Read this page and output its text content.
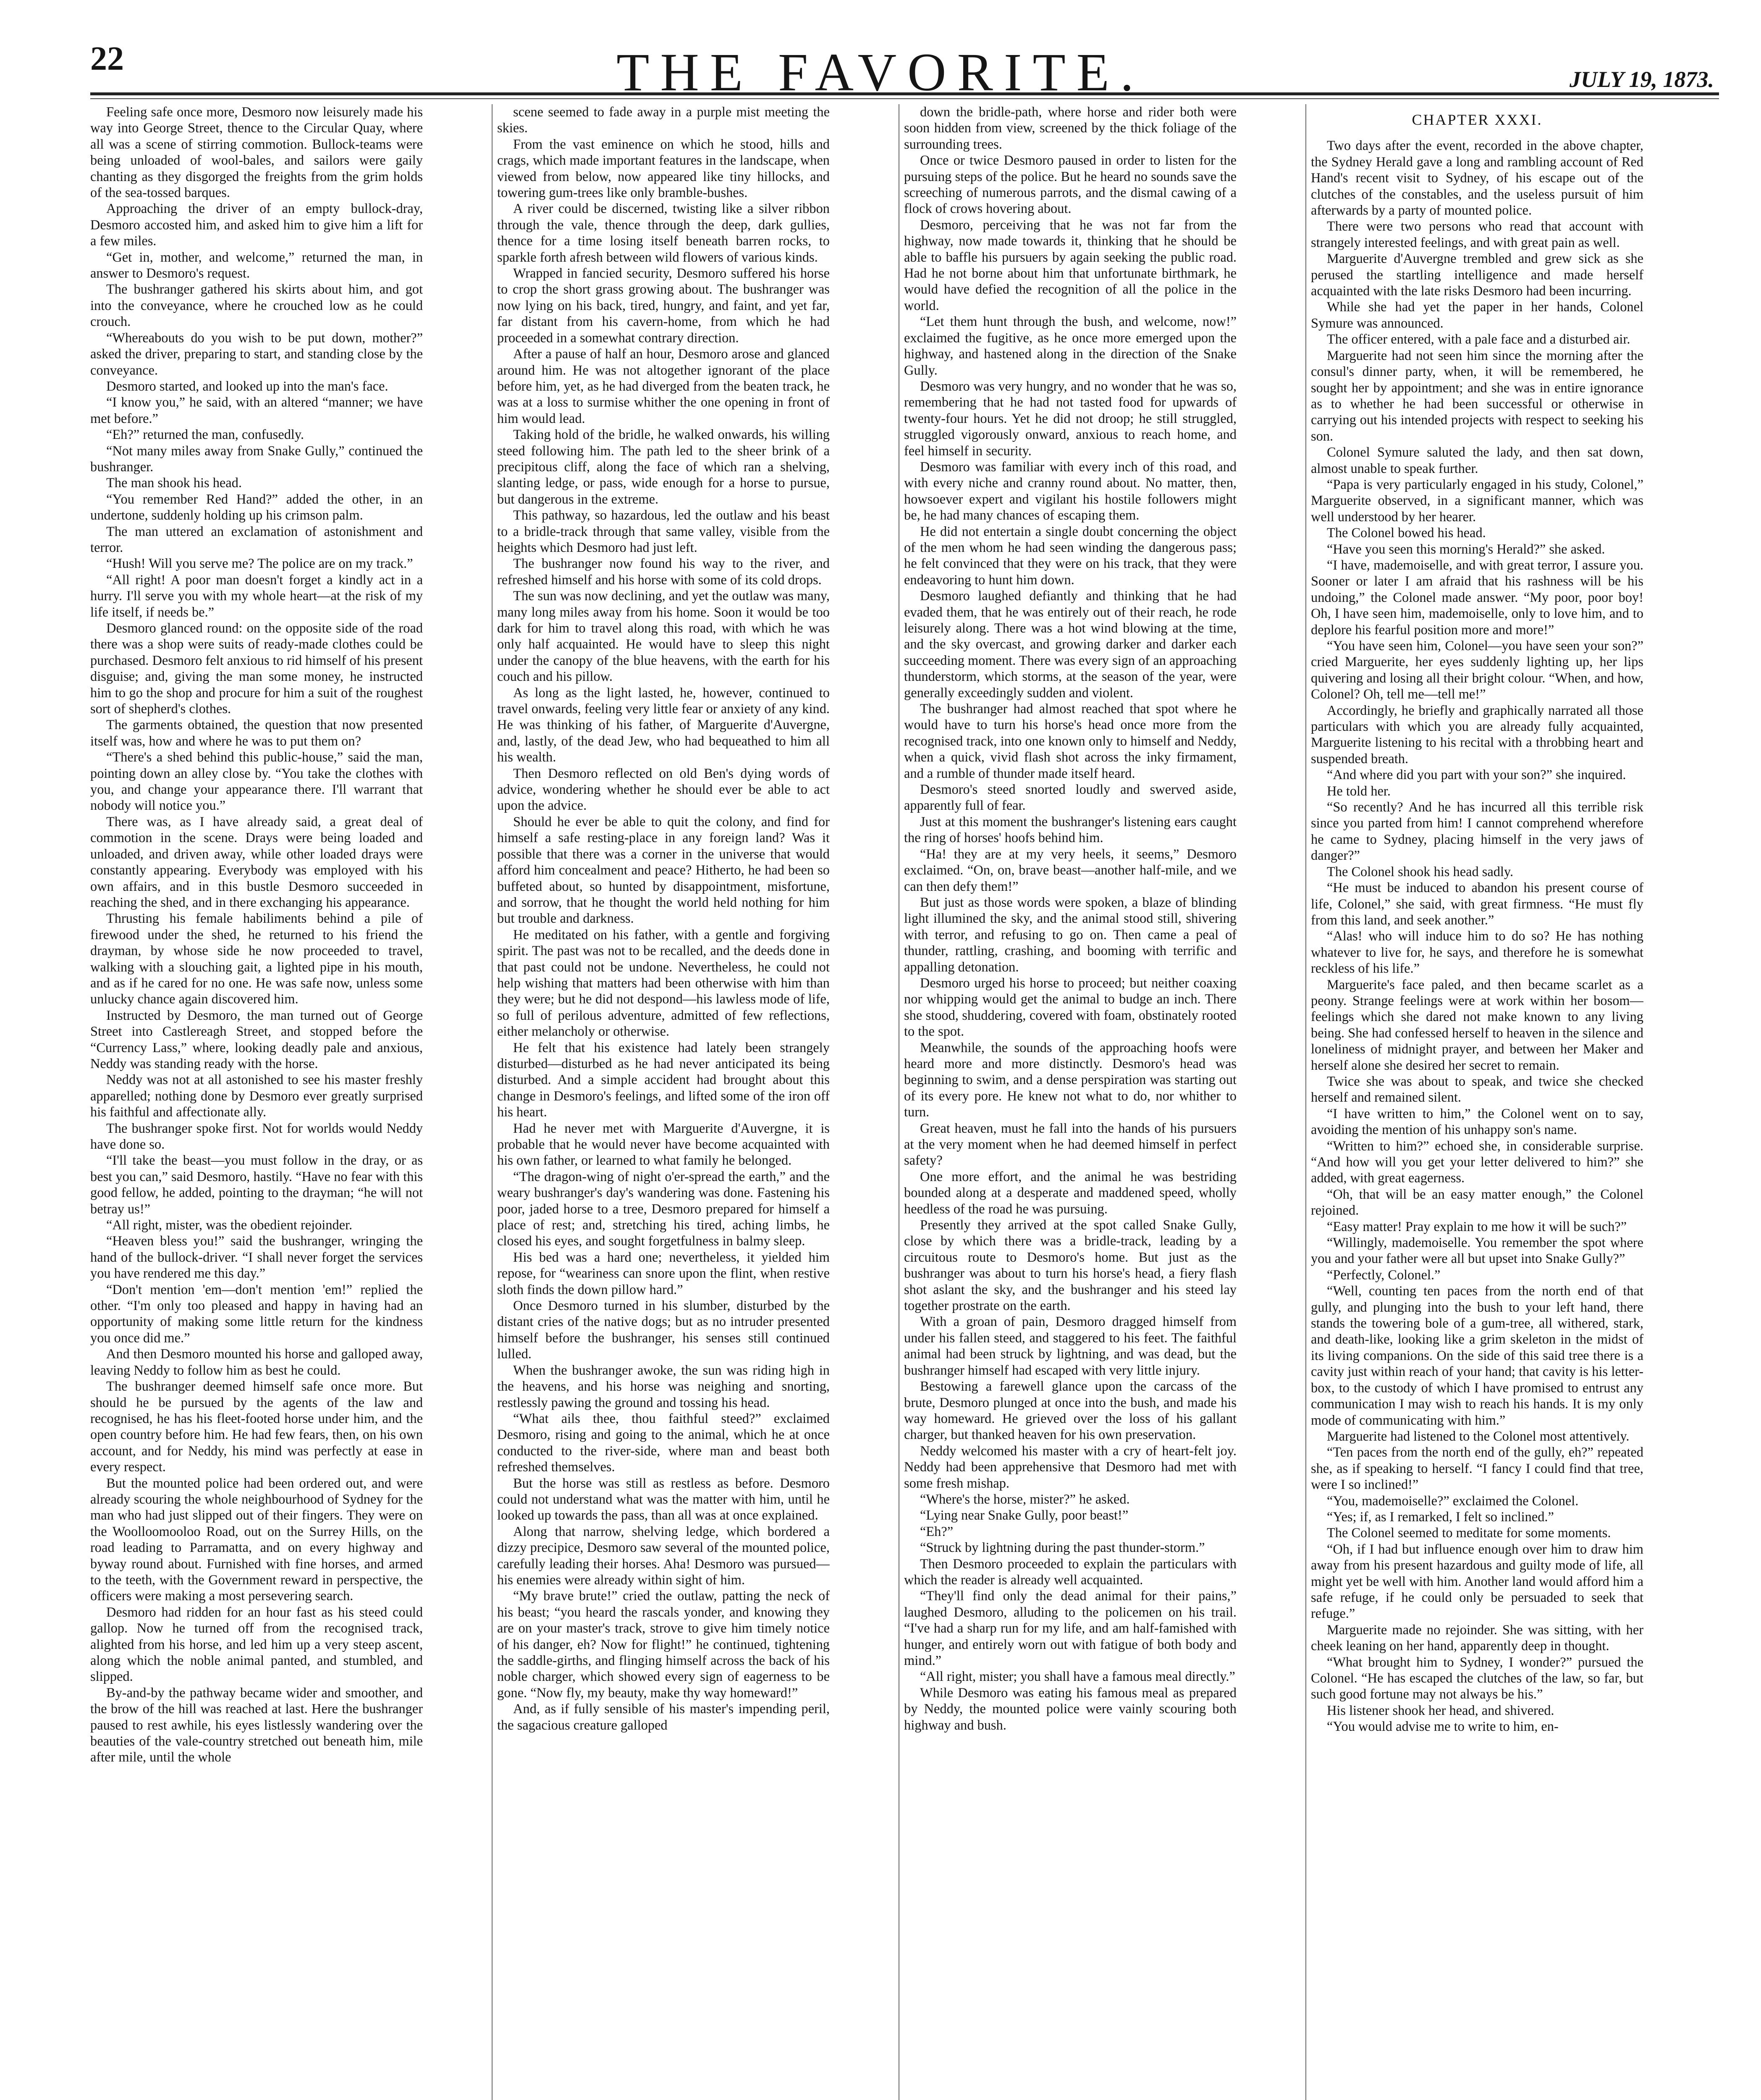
22	THE FAVORITE.	JULY 19, 1873.

Feeling safe once more, Desmoro now leisurely made his way into George Street, thence to the Circular Quay, where all was a scene of stirring commotion. Bullock-teams were being unloaded of wool-bales, and sailors were gaily chanting as they disgorged the freights from the grim holds of the sea-tossed barques.

Approaching the driver of an empty bullock-dray, Desmoro accosted him, and asked him to give him a lift for a few miles.

“Get in, mother, and welcome,” returned the man, in answer to Desmoro's request.

The bushranger gathered his skirts about him, and got into the conveyance, where he crouched low as he could crouch.

“Whereabouts do you wish to be put down, mother?” asked the driver, preparing to start, and standing close by the conveyance.

Desmoro started, and looked up into the man's face.

“I know you,” he said, with an altered “manner; we have met before.”

“Eh?” returned the man, confusedly.

“Not many miles away from Snake Gully,” continued the bushranger.

The man shook his head.

“You remember Red Hand?” added the other, in an undertone, suddenly holding up his crimson palm.

The man uttered an exclamation of astonishment and terror.

“Hush! Will you serve me? The police are on my track.”

“All right! A poor man doesn't forget a kindly act in a hurry. I'll serve you with my whole heart—at the risk of my life itself, if needs be.”

Desmoro glanced round: on the opposite side of the road there was a shop were suits of ready-made clothes could be purchased. Desmoro felt anxious to rid himself of his present disguise; and, giving the man some money, he instructed him to go the shop and procure for him a suit of the roughest sort of shepherd's clothes.

The garments obtained, the question that now presented itself was, how and where he was to put them on?

“There's a shed behind this public-house,” said the man, pointing down an alley close by. “You take the clothes with you, and change your appearance there. I'll warrant that nobody will notice you.”

There was, as I have already said, a great deal of commotion in the scene. Drays were being loaded and unloaded, and driven away, while other loaded drays were constantly appearing. Everybody was employed with his own affairs, and in this bustle Desmoro succeeded in reaching the shed, and in there exchanging his appearance.

Thrusting his female habiliments behind a pile of firewood under the shed, he returned to his friend the drayman, by whose side he now proceeded to travel, walking with a slouching gait, a lighted pipe in his mouth, and as if he cared for no one. He was safe now, unless some unlucky chance again discovered him.

Instructed by Desmoro, the man turned out of George Street into Castlereagh Street, and stopped before the “Currency Lass,” where, looking deadly pale and anxious, Neddy was standing ready with the horse.

Neddy was not at all astonished to see his master freshly apparelled; nothing done by Desmoro ever greatly surprised his faithful and affectionate ally.

The bushranger spoke first. Not for worlds would Neddy have done so.

“I'll take the beast—you must follow in the dray, or as best you can,” said Desmoro, hastily. “Have no fear with this good fellow, he added, pointing to the drayman; “he will not betray us!”

“All right, mister, was the obedient rejoinder.

“Heaven bless you!” said the bushranger, wringing the hand of the bullock-driver. “I shall never forget the services you have rendered me this day.”

“Don't mention 'em—don't mention 'em!” replied the other. “I'm only too pleased and happy in having had an opportunity of making some little return for the kindness you once did me.”

And then Desmoro mounted his horse and galloped away, leaving Neddy to follow him as best he could.

The bushranger deemed himself safe once more. But should he be pursued by the agents of the law and recognised, he has his fleet-footed horse under him, and the open country before him. He had few fears, then, on his own account, and for Neddy, his mind was perfectly at ease in every respect.

But the mounted police had been ordered out, and were already scouring the whole neighbourhood of Sydney for the man who had just slipped out of their fingers. They were on the Woolloomooloo Road, out on the Surrey Hills, on the road leading to Parramatta, and on every highway and byway round about. Furnished with fine horses, and armed to the teeth, with the Government reward in perspective, the officers were making a most persevering search.

Desmoro had ridden for an hour fast as his steed could gallop. Now he turned off from the recognised track, alighted from his horse, and led him up a very steep ascent, along which the noble animal panted, and stumbled, and slipped.

By-and-by the pathway became wider and smoother, and the brow of the hill was reached at last. Here the bushranger paused to rest awhile, his eyes listlessly wandering over the beauties of the vale-country stretched out beneath him, mile after mile, until the whole

scene seemed to fade away in a purple mist meeting the skies.

From the vast eminence on which he stood, hills and crags, which made important features in the landscape, when viewed from below, now appeared like tiny hillocks, and towering gum-trees like only bramble-bushes.

A river could be discerned, twisting like a silver ribbon through the vale, thence through the deep, dark gullies, thence for a time losing itself beneath barren rocks, to sparkle forth afresh between wild flowers of various kinds.

Wrapped in fancied security, Desmoro suffered his horse to crop the short grass growing about. The bushranger was now lying on his back, tired, hungry, and faint, and yet far, far distant from his cavern-home, from which he had proceeded in a somewhat contrary direction.

After a pause of half an hour, Desmoro arose and glanced around him. He was not altogether ignorant of the place before him, yet, as he had diverged from the beaten track, he was at a loss to surmise whither the one opening in front of him would lead.

Taking hold of the bridle, he walked onwards, his willing steed following him. The path led to the sheer brink of a precipitous cliff, along the face of which ran a shelving, slanting ledge, or pass, wide enough for a horse to pursue, but dangerous in the extreme.

This pathway, so hazardous, led the outlaw and his beast to a bridle-track through that same valley, visible from the heights which Desmoro had just left.

The bushranger now found his way to the river, and refreshed himself and his horse with some of its cold drops.

The sun was now declining, and yet the outlaw was many, many long miles away from his home. Soon it would be too dark for him to travel along this road, with which he was only half acquainted. He would have to sleep this night under the canopy of the blue heavens, with the earth for his couch and his pillow.

As long as the light lasted, he, however, continued to travel onwards, feeling very little fear or anxiety of any kind. He was thinking of his father, of Marguerite d'Auvergne, and, lastly, of the dead Jew, who had bequeathed to him all his wealth.

Then Desmoro reflected on old Ben's dying words of advice, wondering whether he should ever be able to act upon the advice.

Should he ever be able to quit the colony, and find for himself a safe resting-place in any foreign land? Was it possible that there was a corner in the universe that would afford him concealment and peace? Hitherto, he had been so buffeted about, so hunted by disappointment, misfortune, and sorrow, that he thought the world held nothing for him but trouble and darkness.

He meditated on his father, with a gentle and forgiving spirit. The past was not to be recalled, and the deeds done in that past could not be undone. Nevertheless, he could not help wishing that matters had been otherwise with him than they were; but he did not despond—his lawless mode of life, so full of perilous adventure, admitted of few reflections, either melancholy or otherwise.

He felt that his existence had lately been strangely disturbed—disturbed as he had never anticipated its being disturbed. And a simple accident had brought about this change in Desmoro's feelings, and lifted some of the iron off his heart.

Had he never met with Marguerite d'Auvergne, it is probable that he would never have become acquainted with his own father, or learned to what family he belonged.

“The dragon-wing of night o'er-spread the earth,” and the weary bushranger's day's wandering was done. Fastening his poor, jaded horse to a tree, Desmoro prepared for himself a place of rest; and, stretching his tired, aching limbs, he closed his eyes, and sought forgetfulness in balmy sleep.

His bed was a hard one; nevertheless, it yielded him repose, for “weariness can snore upon the flint, when restive sloth finds the down pillow hard.”

Once Desmoro turned in his slumber, disturbed by the distant cries of the native dogs; but as no intruder presented himself before the bushranger, his senses still continued lulled.

When the bushranger awoke, the sun was riding high in the heavens, and his horse was neighing and snorting, restlessly pawing the ground and tossing his head.

“What ails thee, thou faithful steed?” exclaimed Desmoro, rising and going to the animal, which he at once conducted to the river-side, where man and beast both refreshed themselves.

But the horse was still as restless as before. Desmoro could not understand what was the matter with him, until he looked up towards the pass, than all was at once explained.

Along that narrow, shelving ledge, which bordered a dizzy precipice, Desmoro saw several of the mounted police, carefully leading their horses. Aha! Desmoro was pursued—his enemies were already within sight of him.

“My brave brute!” cried the outlaw, patting the neck of his beast; “you heard the rascals yonder, and knowing they are on your master's track, strove to give him timely notice of his danger, eh? Now for flight!” he continued, tightening the saddle-girths, and flinging himself across the back of his noble charger, which showed every sign of eagerness to be gone. “Now fly, my beauty, make thy way homeward!”

And, as if fully sensible of his master's impending peril, the sagacious creature galloped

down the bridle-path, where horse and rider both were soon hidden from view, screened by the thick foliage of the surrounding trees.

Once or twice Desmoro paused in order to listen for the pursuing steps of the police. But he heard no sounds save the screeching of numerous parrots, and the dismal cawing of a flock of crows hovering about.

Desmoro, perceiving that he was not far from the highway, now made towards it, thinking that he should be able to baffle his pursuers by again seeking the public road. Had he not borne about him that unfortunate birthmark, he would have defied the recognition of all the police in the world.

“Let them hunt through the bush, and welcome, now!” exclaimed the fugitive, as he once more emerged upon the highway, and hastened along in the direction of the Snake Gully.

Desmoro was very hungry, and no wonder that he was so, remembering that he had not tasted food for upwards of twenty-four hours. Yet he did not droop; he still struggled, struggled vigorously onward, anxious to reach home, and feel himself in security.

Desmoro was familiar with every inch of this road, and with every niche and cranny round about. No matter, then, howsoever expert and vigilant his hostile followers might be, he had many chances of escaping them.

He did not entertain a single doubt concerning the object of the men whom he had seen winding the dangerous pass; he felt convinced that they were on his track, that they were endeavoring to hunt him down.

Desmoro laughed defiantly and thinking that he had evaded them, that he was entirely out of their reach, he rode leisurely along. There was a hot wind blowing at the time, and the sky overcast, and growing darker and darker each succeeding moment. There was every sign of an approaching thunderstorm, which storms, at the season of the year, were generally exceedingly sudden and violent.

The bushranger had almost reached that spot where he would have to turn his horse's head once more from the recognised track, into one known only to himself and Neddy, when a quick, vivid flash shot across the inky firmament, and a rumble of thunder made itself heard.

Desmoro's steed snorted loudly and swerved aside, apparently full of fear.

Just at this moment the bushranger's listening ears caught the ring of horses' hoofs behind him.

“Ha! they are at my very heels, it seems,” Desmoro exclaimed. “On, on, brave beast—another half-mile, and we can then defy them!”

But just as those words were spoken, a blaze of blinding light illumined the sky, and the animal stood still, shivering with terror, and refusing to go on. Then came a peal of thunder, rattling, crashing, and booming with terrific and appalling detonation.

Desmoro urged his horse to proceed; but neither coaxing nor whipping would get the animal to budge an inch. There she stood, shuddering, covered with foam, obstinately rooted to the spot.

Meanwhile, the sounds of the approaching hoofs were heard more and more distinctly. Desmoro's head was beginning to swim, and a dense perspiration was starting out of its every pore. He knew not what to do, nor whither to turn.

Great heaven, must he fall into the hands of his pursuers at the very moment when he had deemed himself in perfect safety?

One more effort, and the animal he was bestriding bounded along at a desperate and maddened speed, wholly heedless of the road he was pursuing.

Presently they arrived at the spot called Snake Gully, close by which there was a bridle-track, leading by a circuitous route to Desmoro's home. But just as the bushranger was about to turn his horse's head, a fiery flash shot aslant the sky, and the bushranger and his steed lay together prostrate on the earth.

With a groan of pain, Desmoro dragged himself from under his fallen steed, and staggered to his feet. The faithful animal had been struck by lightning, and was dead, but the bushranger himself had escaped with very little injury.

Bestowing a farewell glance upon the carcass of the brute, Desmoro plunged at once into the bush, and made his way homeward. He grieved over the loss of his gallant charger, but thanked heaven for his own preservation.

Neddy welcomed his master with a cry of heart-felt joy. Neddy had been apprehensive that Desmoro had met with some fresh mishap.

“Where's the horse, mister?” he asked.

“Lying near Snake Gully, poor beast!”

“Eh?”

“Struck by lightning during the past thunder-storm.”

Then Desmoro proceeded to explain the particulars with which the reader is already well acquainted.

“They'll find only the dead animal for their pains,” laughed Desmoro, alluding to the policemen on his trail. “I've had a sharp run for my life, and am half-famished with hunger, and entirely worn out with fatigue of both body and mind.”

“All right, mister; you shall have a famous meal directly.”

While Desmoro was eating his famous meal as prepared by Neddy, the mounted police were vainly scouring both highway and bush.

CHAPTER XXXI.

Two days after the event, recorded in the above chapter, the Sydney Herald gave a long and rambling account of Red Hand's recent visit to Sydney, of his escape out of the clutches of the constables, and the useless pursuit of him afterwards by a party of mounted police.

There were two persons who read that account with strangely interested feelings, and with great pain as well.

Marguerite d'Auvergne trembled and grew sick as she perused the startling intelligence and made herself acquainted with the late risks Desmoro had been incurring.

While she had yet the paper in her hands, Colonel Symure was announced.

The officer entered, with a pale face and a disturbed air.

Marguerite had not seen him since the morning after the consul's dinner party, when, it will be remembered, he sought her by appointment; and she was in entire ignorance as to whether he had been successful or otherwise in carrying out his intended projects with respect to seeking his son.

Colonel Symure saluted the lady, and then sat down, almost unable to speak further.

“Papa is very particularly engaged in his study, Colonel,” Marguerite observed, in a significant manner, which was well understood by her hearer.

The Colonel bowed his head.

“Have you seen this morning's Herald?” she asked.

“I have, mademoiselle, and with great terror, I assure you. Sooner or later I am afraid that his rashness will be his undoing,” the Colonel made answer. “My poor, poor boy! Oh, I have seen him, mademoiselle, only to love him, and to deplore his fearful position more and more!”

“You have seen him, Colonel—you have seen your son?” cried Marguerite, her eyes suddenly lighting up, her lips quivering and losing all their bright colour. “When, and how, Colonel? Oh, tell me—tell me!”

Accordingly, he briefly and graphically narrated all those particulars with which you are already fully acquainted, Marguerite listening to his recital with a throbbing heart and suspended breath.

“And where did you part with your son?” she inquired.

He told her.

“So recently? And he has incurred all this terrible risk since you parted from him! I cannot comprehend wherefore he came to Sydney, placing himself in the very jaws of danger?”

The Colonel shook his head sadly.

“He must be induced to abandon his present course of life, Colonel,” she said, with great firmness. “He must fly from this land, and seek another.”

“Alas! who will induce him to do so? He has nothing whatever to live for, he says, and therefore he is somewhat reckless of his life.”

Marguerite's face paled, and then became scarlet as a peony. Strange feelings were at work within her bosom—feelings which she dared not make known to any living being. She had confessed herself to heaven in the silence and loneliness of midnight prayer, and between her Maker and herself alone she desired her secret to remain.

Twice she was about to speak, and twice she checked herself and remained silent.

“I have written to him,” the Colonel went on to say, avoiding the mention of his unhappy son's name.

“Written to him?” echoed she, in considerable surprise. “And how will you get your letter delivered to him?” she added, with great eagerness.

“Oh, that will be an easy matter enough,” the Colonel rejoined.

“Easy matter! Pray explain to me how it will be such?”

“Willingly, mademoiselle. You remember the spot where you and your father were all but upset into Snake Gully?”

“Perfectly, Colonel.”

“Well, counting ten paces from the north end of that gully, and plunging into the bush to your left hand, there stands the towering bole of a gum-tree, all withered, stark, and death-like, looking like a grim skeleton in the midst of its living companions. On the side of this said tree there is a cavity just within reach of your hand; that cavity is his letter-box, to the custody of which I have promised to entrust any communication I may wish to reach his hands. It is my only mode of communicating with him.”

Marguerite had listened to the Colonel most attentively.

“Ten paces from the north end of the gully, eh?” repeated she, as if speaking to herself. “I fancy I could find that tree, were I so inclined!”

“You, mademoiselle?” exclaimed the Colonel.

“Yes; if, as I remarked, I felt so inclined.”

The Colonel seemed to meditate for some moments.

“Oh, if I had but influence enough over him to draw him away from his present hazardous and guilty mode of life, all might yet be well with him. Another land would afford him a safe refuge, if he could only be persuaded to seek that refuge.”

Marguerite made no rejoinder. She was sitting, with her cheek leaning on her hand, apparently deep in thought.

“What brought him to Sydney, I wonder?” pursued the Colonel. “He has escaped the clutches of the law, so far, but such good fortune may not always be his.”

His listener shook her head, and shivered.

“You would advise me to write to him, en-
